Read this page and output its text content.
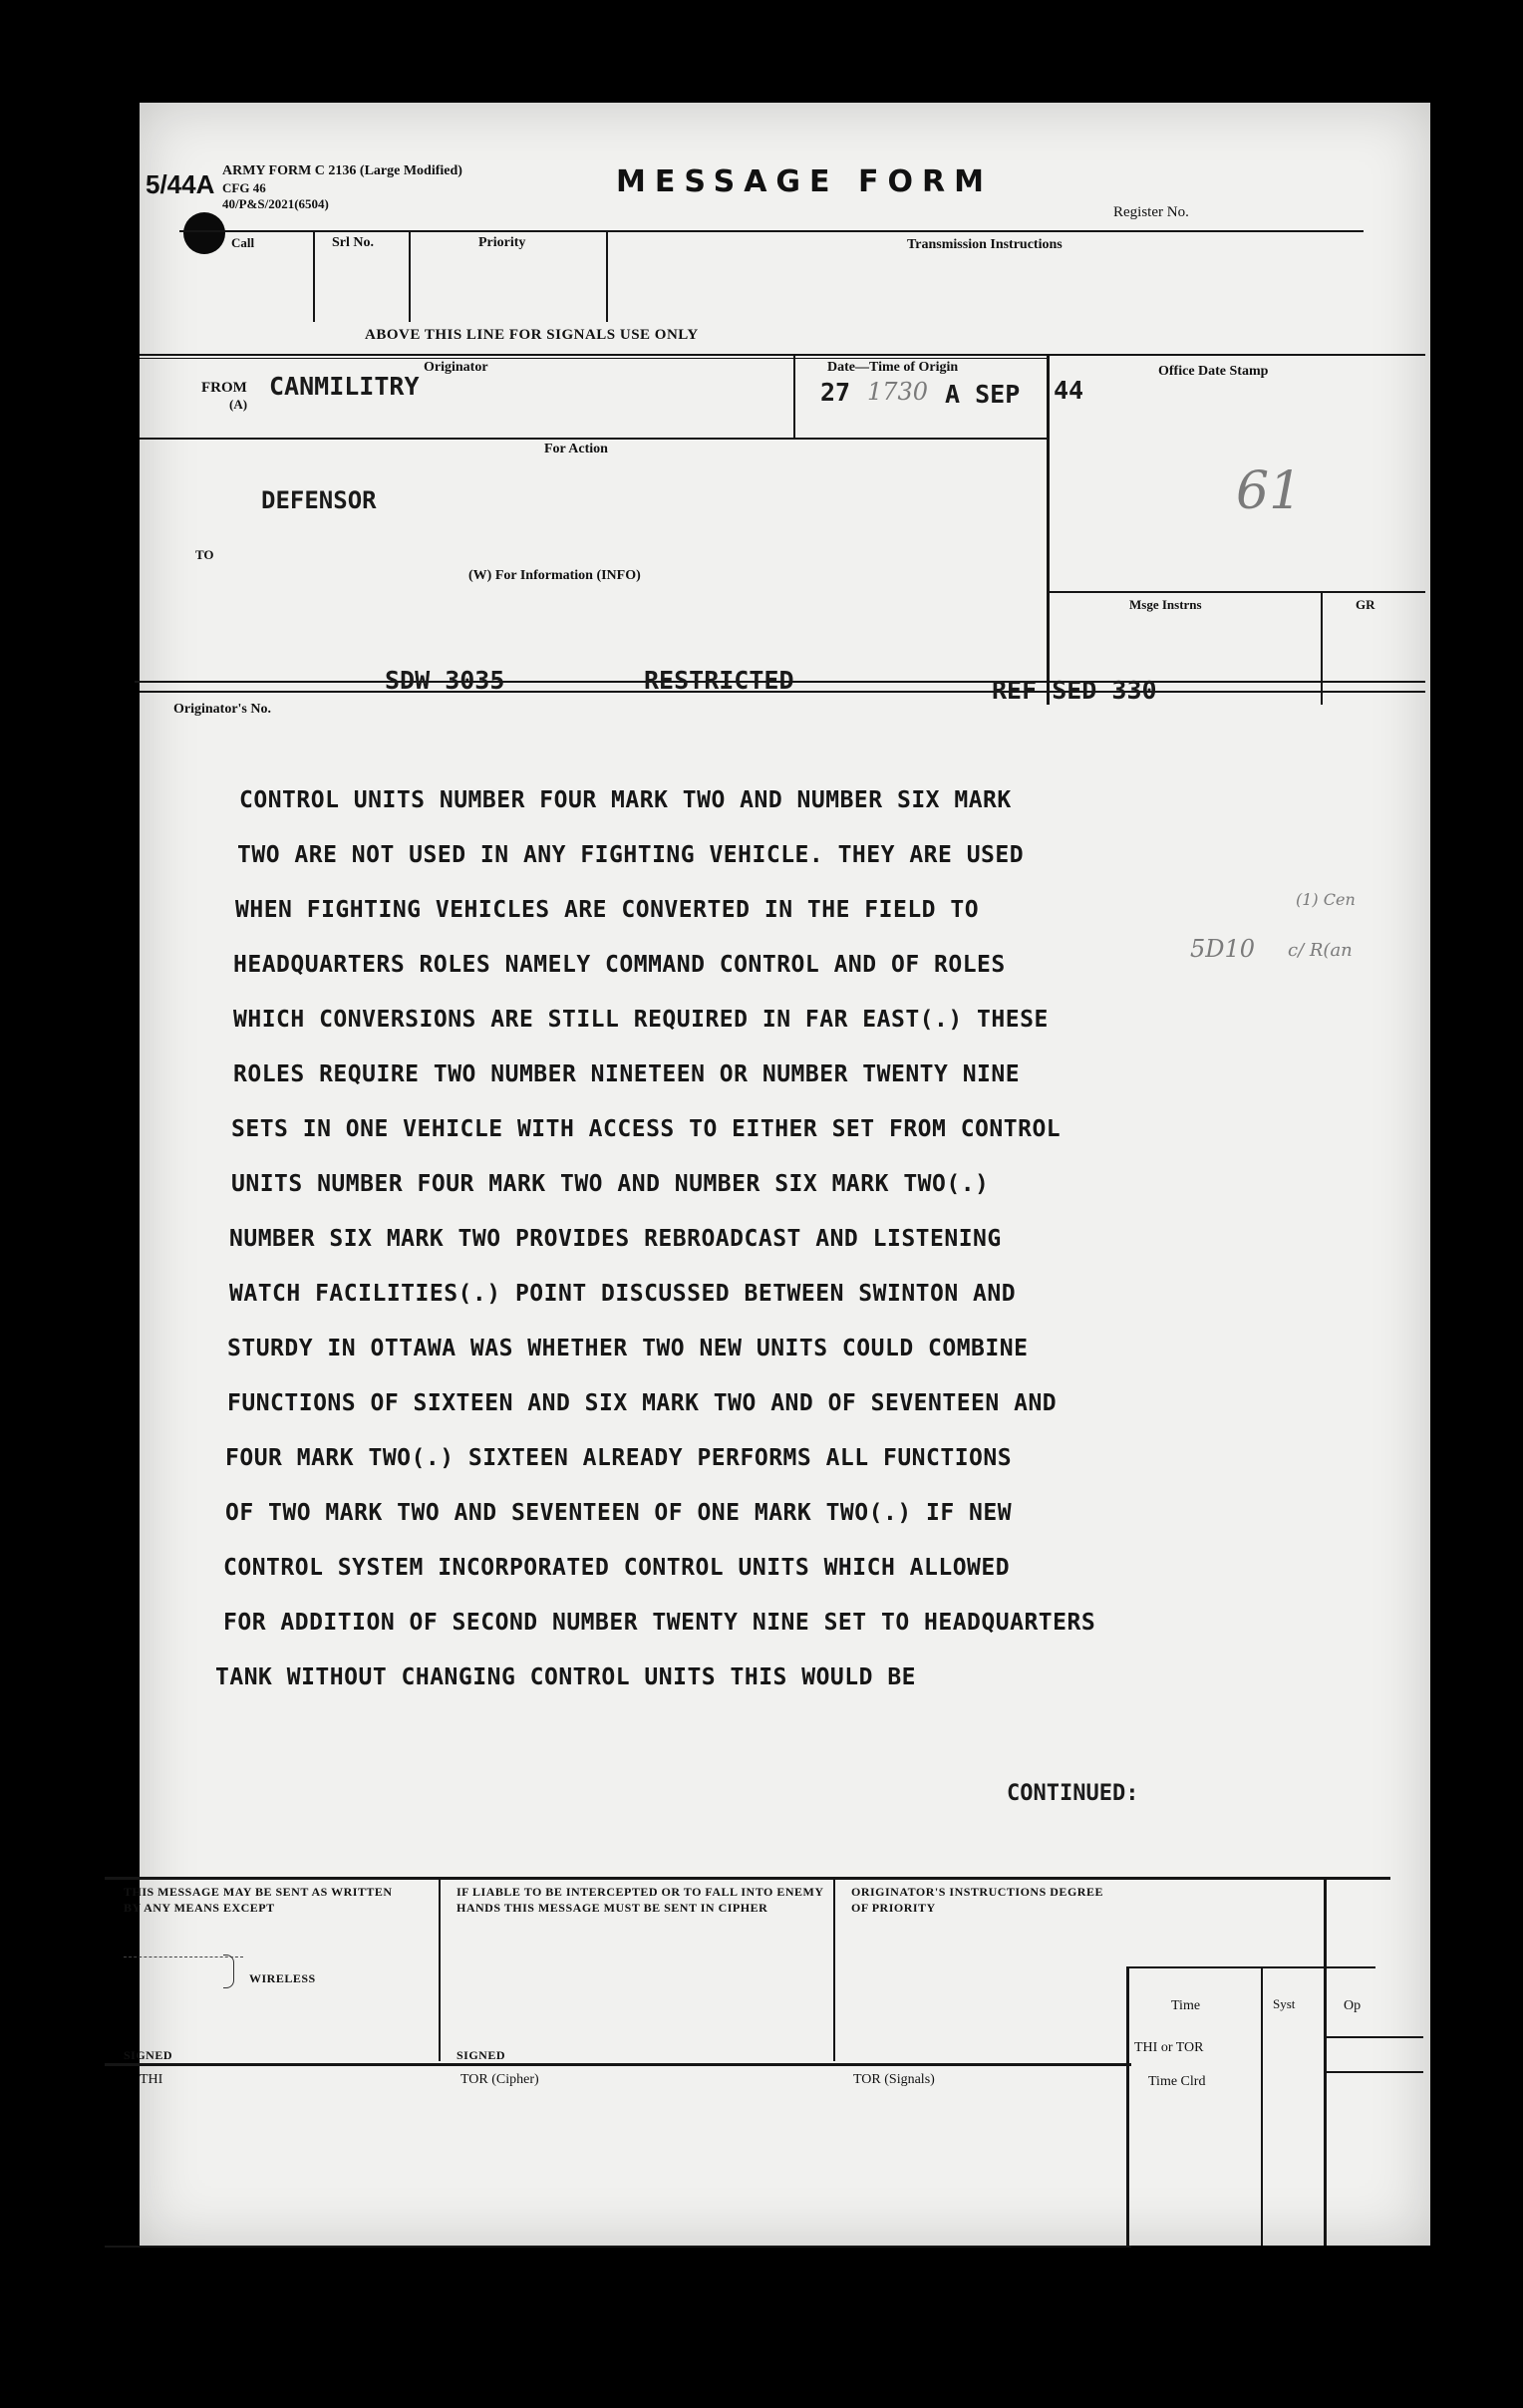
5/44A ARMY FORM C 2136 (Large Modified)
CFG 46
40/P&S/2021(6504)
MESSAGE FORM
Register No.
Call	Srl No.	Priority	Transmission Instructions
ABOVE THIS LINE FOR SIGNALS USE ONLY
FROM
(A)
Originator
CANMILITRY
Date—Time of Origin
27 1730 A SEP 44
Office Date Stamp
61
For Action
DEFENSOR
TO
(W) For Information (INFO)
Msge Instrns	GR
SDW 3035	RESTRICTED	REF SED 330
Originator's No.
5D10
(1) Cen
c/ R(an
CONTROL UNITS NUMBER FOUR MARK TWO AND NUMBER SIX MARK
TWO ARE NOT USED IN ANY FIGHTING VEHICLE. THEY ARE USED
WHEN FIGHTING VEHICLES ARE CONVERTED IN THE FIELD TO
HEADQUARTERS ROLES NAMELY COMMAND CONTROL AND OF ROLES
WHICH CONVERSIONS ARE STILL REQUIRED IN FAR EAST(.) THESE
ROLES REQUIRE TWO NUMBER NINETEEN OR NUMBER TWENTY NINE
SETS IN ONE VEHICLE WITH ACCESS TO EITHER SET FROM CONTROL
UNITS NUMBER FOUR MARK TWO AND NUMBER SIX MARK TWO(.)
NUMBER SIX MARK TWO PROVIDES REBROADCAST AND LISTENING
WATCH FACILITIES(.) POINT DISCUSSED BETWEEN SWINTON AND
STURDY IN OTTAWA WAS WHETHER TWO NEW UNITS COULD COMBINE
FUNCTIONS OF SIXTEEN AND SIX MARK TWO AND OF SEVENTEEN AND
FOUR MARK TWO(.) SIXTEEN ALREADY PERFORMS ALL FUNCTIONS
OF TWO MARK TWO AND SEVENTEEN OF ONE MARK TWO(.) IF NEW
CONTROL SYSTEM INCORPORATED CONTROL UNITS WHICH ALLOWED
FOR ADDITION OF SECOND NUMBER TWENTY NINE SET TO HEADQUARTERS
TANK WITHOUT CHANGING CONTROL UNITS THIS WOULD BE
CONTINUED:
THIS MESSAGE MAY BE SENT AS WRITTEN BY ANY MEANS EXCEPT
WIRELESS
SIGNED
IF LIABLE TO BE INTERCEPTED OR TO FALL INTO ENEMY HANDS THIS MESSAGE MUST BE SENT IN CIPHER
SIGNED
ORIGINATOR'S INSTRUCTIONS DEGREE OF PRIORITY
Time	Syst	Op
THI or TOR
Time Clrd
THI	TOR (Cipher)	TOR (Signals)
